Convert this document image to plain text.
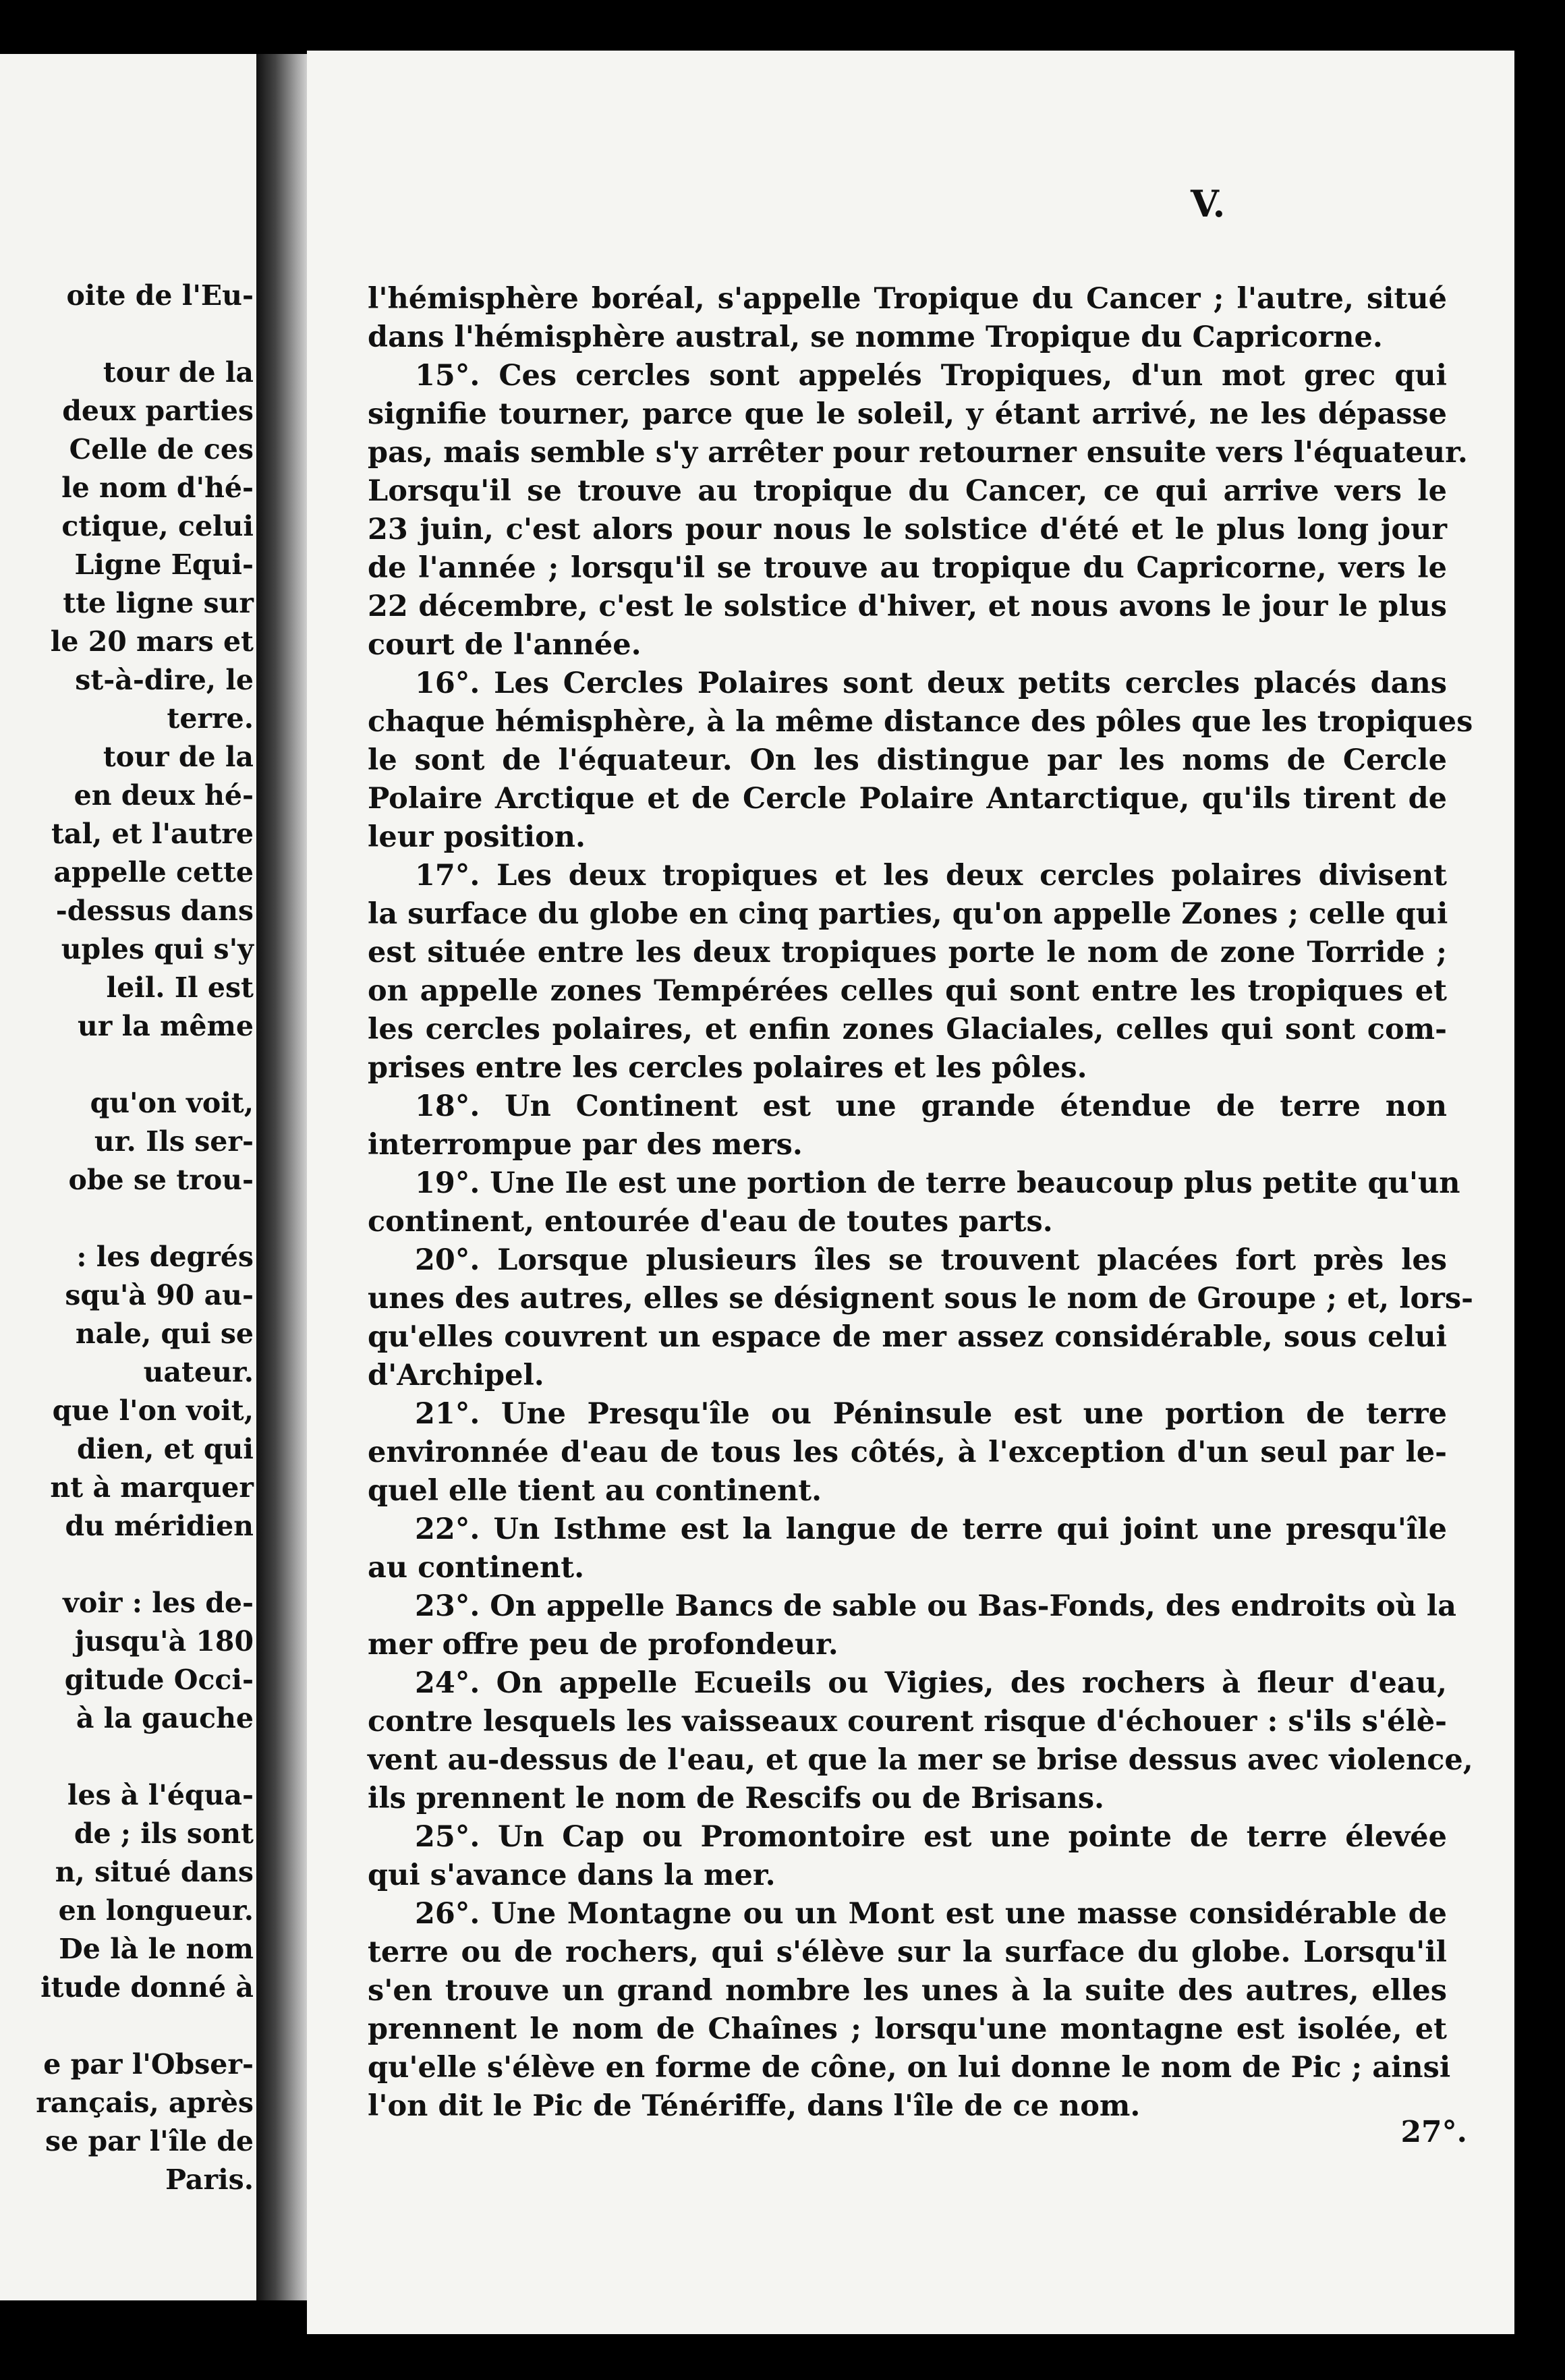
oite de l'Eu-
tour de la
deux parties
Celle de ces
le nom d'hé-
ctique, celui
Ligne Equi-
tte ligne sur
le 20 mars et
st-à-dire, le
terre.
tour de la
en deux hé-
tal, et l'autre
appelle cette
-dessus dans
uples qui s'y
leil. Il est
ur la même
qu'on voit,
ur. Ils ser-
obe se trou-
: les degrés
squ'à 90 au-
nale, qui se
uateur.
que l'on voit,
dien, et qui
nt à marquer
du méridien
voir : les de-
jusqu'à 180
gitude Occi-
à la gauche
les à l'équa-
de ; ils sont
n, situé dans
en longueur.
De là le nom
itude donné à
e par l'Obser-
rançais, après
se par l'île de
Paris.
V.
l'hémisphère boréal, s'appelle Tropique du Cancer ; l'autre, situé
dans l'hémisphère austral, se nomme Tropique du Capricorne.
15°. Ces cercles sont appelés Tropiques, d'un mot grec qui
signifie tourner, parce que le soleil, y étant arrivé, ne les dépasse
pas, mais semble s'y arrêter pour retourner ensuite vers l'équateur.
Lorsqu'il se trouve au tropique du Cancer, ce qui arrive vers le
23 juin, c'est alors pour nous le solstice d'été et le plus long jour
de l'année ; lorsqu'il se trouve au tropique du Capricorne, vers le
22 décembre, c'est le solstice d'hiver, et nous avons le jour le plus
court de l'année.
16°. Les Cercles Polaires sont deux petits cercles placés dans
chaque hémisphère, à la même distance des pôles que les tropiques
le sont de l'équateur. On les distingue par les noms de Cercle
Polaire Arctique et de Cercle Polaire Antarctique, qu'ils tirent de
leur position.
17°. Les deux tropiques et les deux cercles polaires divisent
la surface du globe en cinq parties, qu'on appelle Zones ; celle qui
est située entre les deux tropiques porte le nom de zone Torride ;
on appelle zones Tempérées celles qui sont entre les tropiques et
les cercles polaires, et enfin zones Glaciales, celles qui sont com-
prises entre les cercles polaires et les pôles.
18°. Un Continent est une grande étendue de terre non
interrompue par des mers.
19°. Une Ile est une portion de terre beaucoup plus petite qu'un
continent, entourée d'eau de toutes parts.
20°. Lorsque plusieurs îles se trouvent placées fort près les
unes des autres, elles se désignent sous le nom de Groupe ; et, lors-
qu'elles couvrent un espace de mer assez considérable, sous celui
d'Archipel.
21°. Une Presqu'île ou Péninsule est une portion de terre
environnée d'eau de tous les côtés, à l'exception d'un seul par le-
quel elle tient au continent.
22°. Un Isthme est la langue de terre qui joint une presqu'île
au continent.
23°. On appelle Bancs de sable ou Bas-Fonds, des endroits où la
mer offre peu de profondeur.
24°. On appelle Ecueils ou Vigies, des rochers à fleur d'eau,
contre lesquels les vaisseaux courent risque d'échouer : s'ils s'élè-
vent au-dessus de l'eau, et que la mer se brise dessus avec violence,
ils prennent le nom de Rescifs ou de Brisans.
25°. Un Cap ou Promontoire est une pointe de terre élevée
qui s'avance dans la mer.
26°. Une Montagne ou un Mont est une masse considérable de
terre ou de rochers, qui s'élève sur la surface du globe. Lorsqu'il
s'en trouve un grand nombre les unes à la suite des autres, elles
prennent le nom de Chaînes ; lorsqu'une montagne est isolée, et
qu'elle s'élève en forme de cône, on lui donne le nom de Pic ; ainsi
l'on dit le Pic de Ténériffe, dans l'île de ce nom.
27°.
